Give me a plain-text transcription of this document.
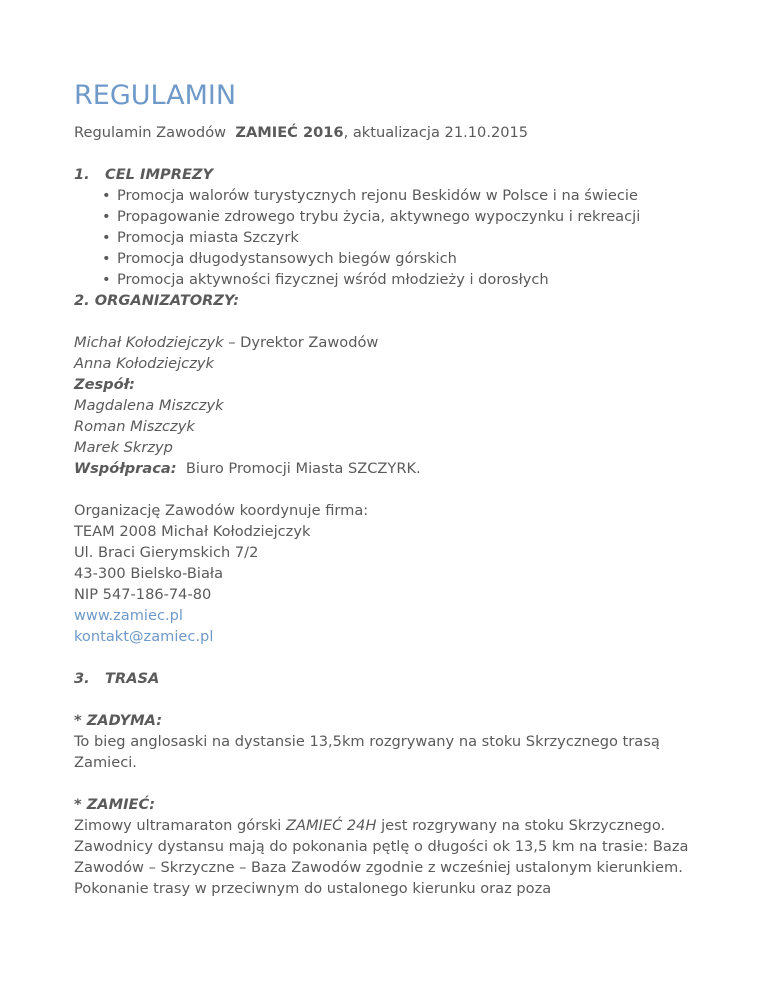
REGULAMIN

Regulamin Zawodów ZAMIEĆ 2016, aktualizacja 21.10.2015

1. CEL IMPREZY

• Promocja walorów turystycznych rejonu Beskidów w Polsce i na świecie
• Propagowanie zdrowego trybu życia, aktywnego wypoczynku i rekreacji
• Promocja miasta Szczyrk
• Promocja długodystansowych biegów górskich
• Promocja aktywności fizycznej wśród młodzieży i dorosłych

2. ORGANIZATORZY:

Michał Kołodziejczyk – Dyrektor Zawodów

Anna Kołodziejczyk

Zespół:

Magdalena Miszczyk

Roman Miszczyk

Marek Skrzyp

Współpraca: Biuro Promocji Miasta SZCZYRK.

Organizację Zawodów koordynuje firma:

TEAM 2008 Michał Kołodziejczyk

Ul. Braci Gierymskich 7/2

43-300 Bielsko-Biała

NIP 547-186-74-80

www.zamiec.pl

kontakt@zamiec.pl

3. TRASA

* ZADYMA:

To bieg anglosaski na dystansie 13,5km rozgrywany na stoku Skrzycznego trasą Zamieci.

* ZAMIEĆ:

Zimowy ultramaraton górski ZAMIEĆ 24H jest rozgrywany na stoku Skrzycznego.

Zawodnicy dystansu mają do pokonania pętlę o długości ok 13,5 km na trasie: Baza Zawodów – Skrzyczne – Baza Zawodów zgodnie z wcześniej ustalonym kierunkiem. Pokonanie trasy w przeciwnym do ustalonego kierunku oraz poza
